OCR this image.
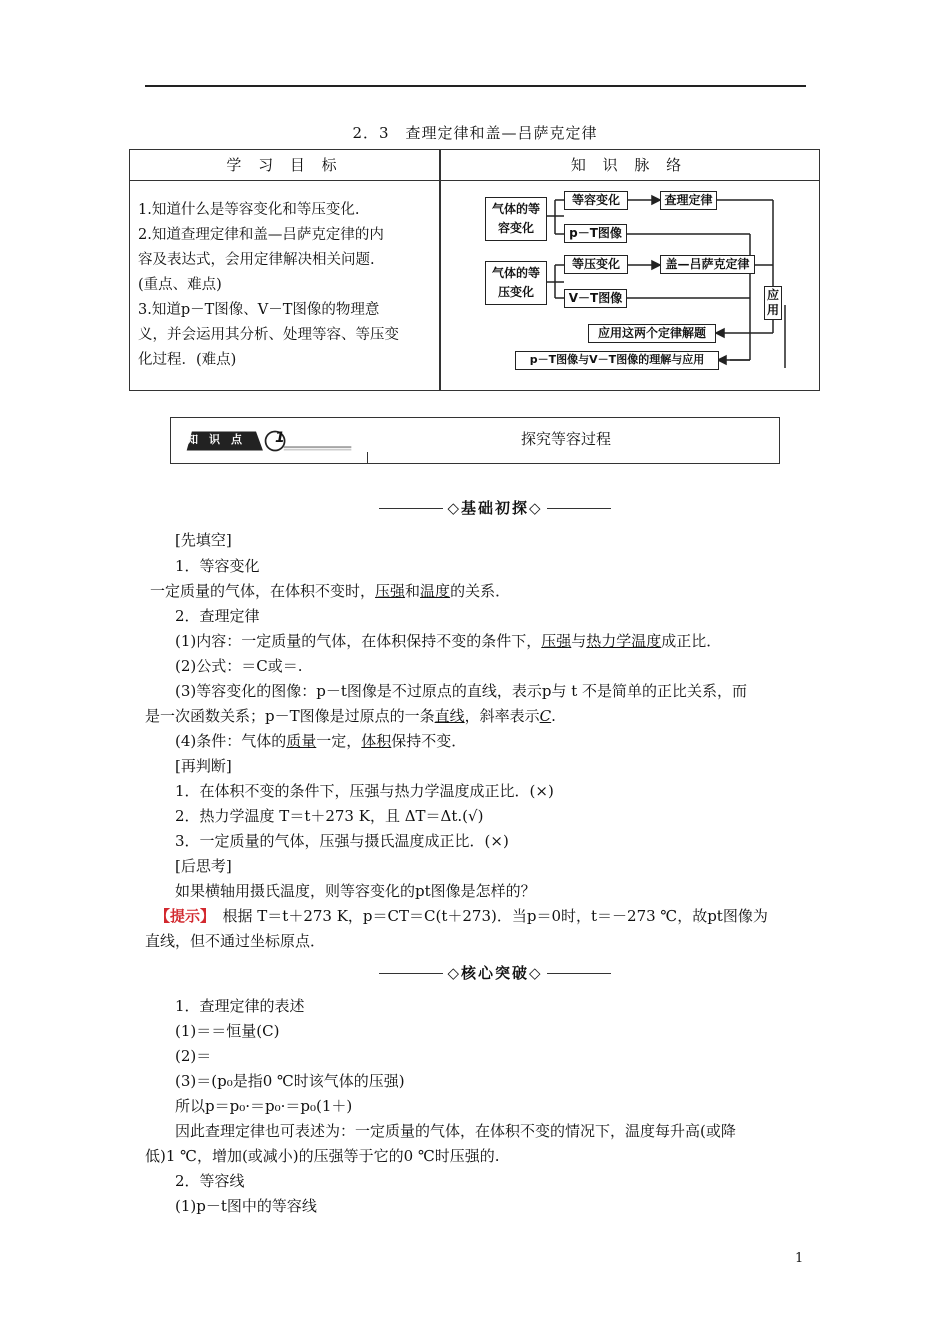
2．3　查理定律和盖—吕萨克定律
学 习 目 标	知 识 脉 络
1.知道什么是等容变化和等压变化.
2.知道查理定律和盖—吕萨克定律的内
容及表达式，会用定律解决相关问题.
(重点、难点)
3.知道p－T图像、V－T图像的物理意
义，并会运用其分析、处理等容、等压变
化过程．(难点)
气体的等
容变化
等容变化	查理定律
p－T图像
气体的等
压变化
等压变化	盖—吕萨克定律
V－T图像	应
用
应用这两个定律解题
p－T图像与V－T图像的理解与应用
知　识　点 1	探究等容过程
◇基础初探◇
[先填空]
1．等容变化
一定质量的气体，在体积不变时，压强和温度的关系．
2．查理定律
(1)内容：一定质量的气体，在体积保持不变的条件下，压强与热力学温度成正比．
(2)公式：＝C或＝.
(3)等容变化的图像：p－t图像是不过原点的直线，表示p与 t 不是简单的正比关系，而
是一次函数关系；p－T图像是过原点的一条直线，斜率表示C.
(4)条件：气体的质量一定，体积保持不变．
[再判断]
1．在体积不变的条件下，压强与热力学温度成正比．(×)
2．热力学温度 T＝t＋273 K，且 ΔT＝Δt.(√)
3．一定质量的气体，压强与摄氏温度成正比．(×)
[后思考]
如果横轴用摄氏温度，则等容变化的pt图像是怎样的？
【提示】　根据 T＝t＋273 K，p＝CT＝C(t＋273)．当p＝0时，t＝－273 ℃，故pt图像为
直线，但不通过坐标原点．
◇核心突破◇
1．查理定律的表述
(1)＝＝恒量(C)
(2)＝
(3)＝(p₀是指0 ℃时该气体的压强)
所以p＝p₀·＝p₀·＝p₀(1＋)
因此查理定律也可表述为：一定质量的气体，在体积不变的情况下，温度每升高(或降
低)1 ℃，增加(或减小)的压强等于它的0 ℃时压强的.
2．等容线
(1)p－t图中的等容线
1
